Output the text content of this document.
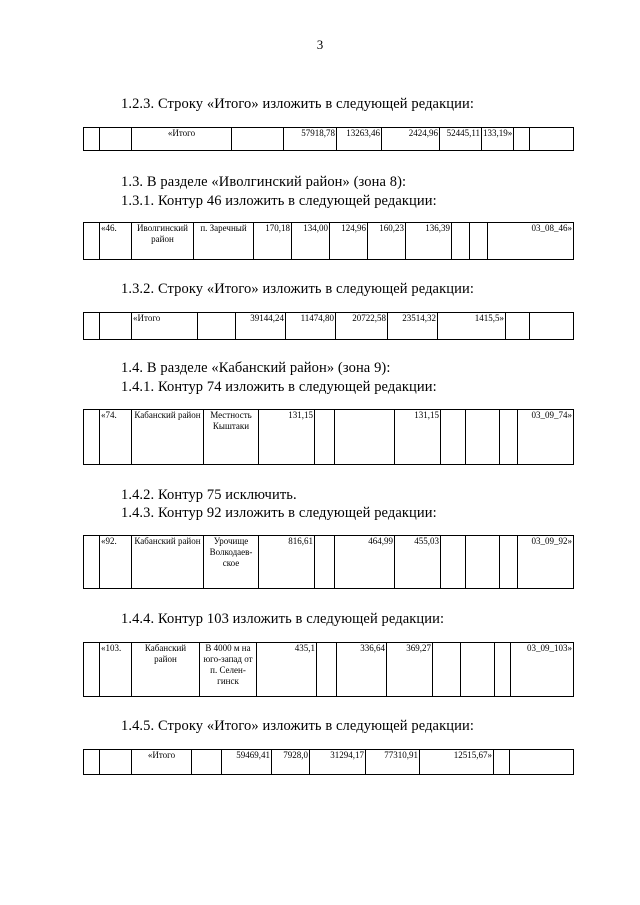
3
1.2.3. Строку «Итого» изложить в следующей редакции:
		«Итого		57918,78	13263,46	2424,96	52445,11	133,19»		
1.3. В разделе «Иволгинский район» (зона 8):
1.3.1. Контур 46 изложить в следующей редакции:
	«46.	Иволгинский район	п. Заречный	170,18	134,00	124,96	160,23	136,39			03_08_46»
1.3.2. Строку «Итого» изложить в следующей редакции:
		«Итого		39144,24	11474,80	20722,58	23514,32	1415,5»		
1.4. В разделе «Кабанский район» (зона 9):
1.4.1. Контур 74 изложить в следующей редакции:
	«74.	Кабанский район	Местность Кыштаки	131,15			131,15				03_09_74»
1.4.2. Контур 75 исключить.
1.4.3. Контур 92 изложить в следующей редакции:
	«92.	Кабанский район	Урочище Волкодаев-ское	816,61		464,99	455,03				03_09_92»
1.4.4. Контур 103 изложить в следующей редакции:
	«103.	Кабанский район	В 4000 м на юго-запад от п. Селен-гинск	435,1		336,64	369,27				03_09_103»
1.4.5. Строку «Итого» изложить в следующей редакции:
		«Итого		59469,41	7928,0	31294,17	77310,91	12515,67»		
